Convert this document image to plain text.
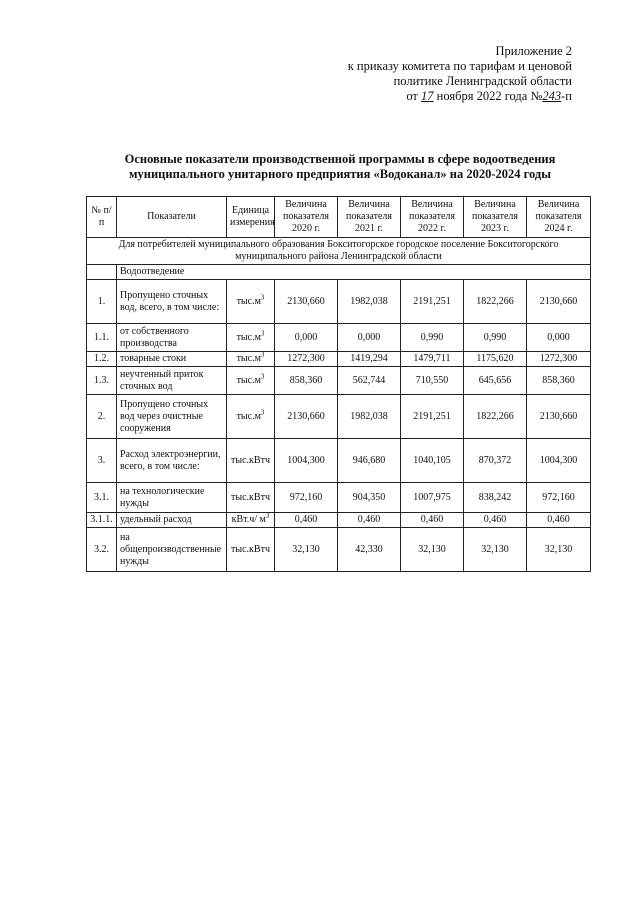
Приложение 2
к приказу комитета по тарифам и ценовой
политике Ленинградской области
от 17 ноября 2022 года №243-п
Основные показатели производственной программы в сфере водоотведения муниципального унитарного предприятия «Водоканал» на 2020-2024 годы
№ п/п	Показатели	Единица измерения	Величина показателя 2020 г.	Величина показателя 2021 г.	Величина показателя 2022 г.	Величина показателя 2023 г.	Величина показателя 2024 г.
Для потребителей муниципального образования Бокситогорское городское поселение Бокситогорского муниципального района Ленинградской области							
	Водоотведение						
1.	Пропущено сточных вод, всего, в том числе:	$тыс.м^3$	2130,660	1982,038	2191,251	1822,266	2130,660
1.1.	от собственного производства	$тыс.м^3$	0,000	0,000	0,990	0,990	0,000
1.2.	товарные стоки	$тыс.м^3$	1272,300	1419,294	1479,711	1175,620	1272,300
1.3.	неучтенный приток сточных вод	$тыс.м^3$	858,360	562,744	710,550	645,656	858,360
2.	Пропущено сточных вод через очистные сооружения	$тыс.м^3$	2130,660	1982,038	2191,251	1822,266	2130,660
3.	Расход электроэнергии, всего, в том числе:	тыс.кВтч	1004,300	946,680	1040,105	870,372	1004,300
3.1.	на технологические нужды	тыс.кВтч	972,160	904,350	1007,975	838,242	972,160
3.1.1.	удельный расход	кВт.ч/ $м^3$	0,460	0,460	0,460	0,460	0,460
3.2.	на общепроизводственные нужды	тыс.кВтч	32,130	42,330	32,130	32,130	32,130
